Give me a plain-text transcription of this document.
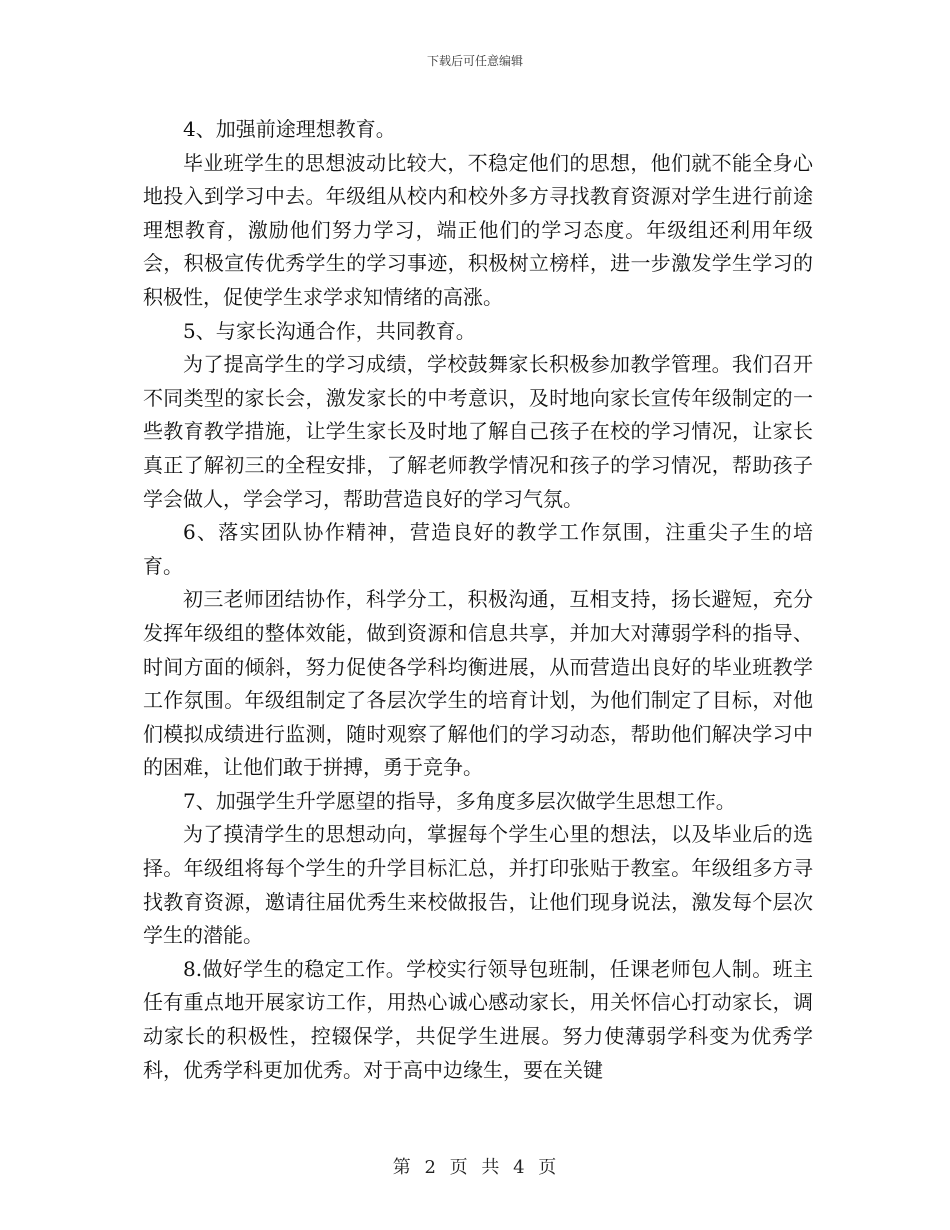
下载后可任意编辑

4、加强前途理想教育。

毕业班学生的思想波动比较大，不稳定他们的思想，他们就不能全身心地投入到学习中去。年级组从校内和校外多方寻找教育资源对学生进行前途理想教育，激励他们努力学习，端正他们的学习态度。年级组还利用年级会，积极宣传优秀学生的学习事迹，积极树立榜样，进一步激发学生学习的积极性，促使学生求学求知情绪的高涨。

5、与家长沟通合作，共同教育。

为了提高学生的学习成绩，学校鼓舞家长积极参加教学管理。我们召开不同类型的家长会，激发家长的中考意识，及时地向家长宣传年级制定的一些教育教学措施，让学生家长及时地了解自己孩子在校的学习情况，让家长真正了解初三的全程安排，了解老师教学情况和孩子的学习情况，帮助孩子学会做人，学会学习，帮助营造良好的学习气氛。

6、落实团队协作精神，营造良好的教学工作氛围，注重尖子生的培育。

初三老师团结协作，科学分工，积极沟通，互相支持，扬长避短，充分发挥年级组的整体效能，做到资源和信息共享，并加大对薄弱学科的指导、时间方面的倾斜，努力促使各学科均衡进展，从而营造出良好的毕业班教学工作氛围。年级组制定了各层次学生的培育计划，为他们制定了目标，对他们模拟成绩进行监测，随时观察了解他们的学习动态，帮助他们解决学习中的困难，让他们敢于拼搏，勇于竞争。

7、加强学生升学愿望的指导，多角度多层次做学生思想工作。

为了摸清学生的思想动向，掌握每个学生心里的想法，以及毕业后的选择。年级组将每个学生的升学目标汇总，并打印张贴于教室。年级组多方寻找教育资源，邀请往届优秀生来校做报告，让他们现身说法，激发每个层次学生的潜能。

8.做好学生的稳定工作。学校实行领导包班制，任课老师包人制。班主任有重点地开展家访工作，用热心诚心感动家长，用关怀信心打动家长，调动家长的积极性，控辍保学，共促学生进展。努力使薄弱学科变为优秀学科，优秀学科更加优秀。对于高中边缘生，要在关键

第 2 页 共 4 页
